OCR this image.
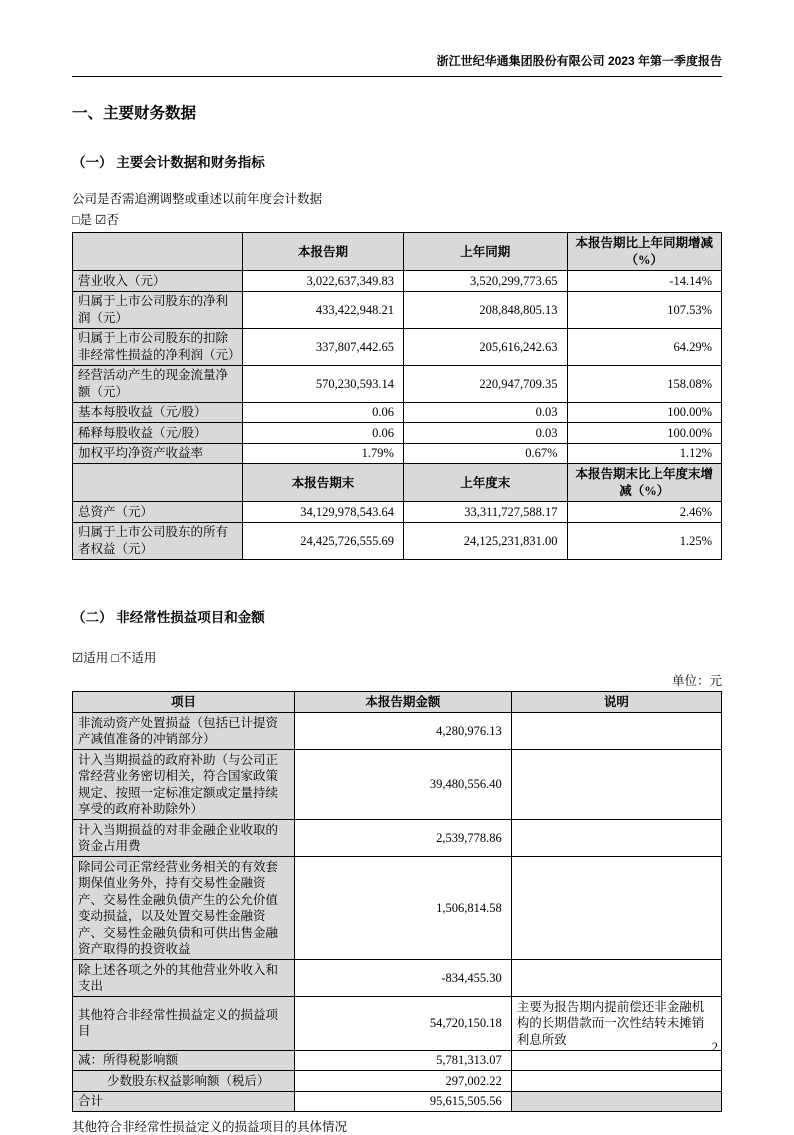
浙江世纪华通集团股份有限公司 2023 年第一季度报告
一、主要财务数据
（一） 主要会计数据和财务指标
公司是否需追溯调整或重述以前年度会计数据
□是 ☑否
	本报告期	上年同期	本报告期比上年同期增减（%）
营业收入（元）	3,022,637,349.83	3,520,299,773.65	-14.14%
归属于上市公司股东的净利润（元）	433,422,948.21	208,848,805.13	107.53%
归属于上市公司股东的扣除非经常性损益的净利润（元）	337,807,442.65	205,616,242.63	64.29%
经营活动产生的现金流量净额（元）	570,230,593.14	220,947,709.35	158.08%
基本每股收益（元/股）	0.06	0.03	100.00%
稀释每股收益（元/股）	0.06	0.03	100.00%
加权平均净资产收益率	1.79%	0.67%	1.12%
	本报告期末	上年度末	本报告期末比上年度末增减（%）
总资产（元）	34,129,978,543.64	33,311,727,588.17	2.46%
归属于上市公司股东的所有者权益（元）	24,425,726,555.69	24,125,231,831.00	1.25%
（二） 非经常性损益项目和金额
☑适用 □不适用
单位：元
项目	本报告期金额	说明
非流动资产处置损益（包括已计提资产减值准备的冲销部分）	4,280,976.13	
计入当期损益的政府补助（与公司正常经营业务密切相关，符合国家政策规定、按照一定标准定额或定量持续享受的政府补助除外）	39,480,556.40	
计入当期损益的对非金融企业收取的资金占用费	2,539,778.86	
除同公司正常经营业务相关的有效套期保值业务外，持有交易性金融资产、交易性金融负债产生的公允价值变动损益，以及处置交易性金融资产、交易性金融负债和可供出售金融资产取得的投资收益	1,506,814.58	
除上述各项之外的其他营业外收入和支出	-834,455.30	
其他符合非经常性损益定义的损益项目	54,720,150.18	主要为报告期内提前偿还非金融机构的长期借款而一次性结转未摊销利息所致
减：所得税影响额	5,781,313.07	
少数股东权益影响额（税后）	297,002.22	
合计	95,615,505.56	
其他符合非经常性损益定义的损益项目的具体情况
2
